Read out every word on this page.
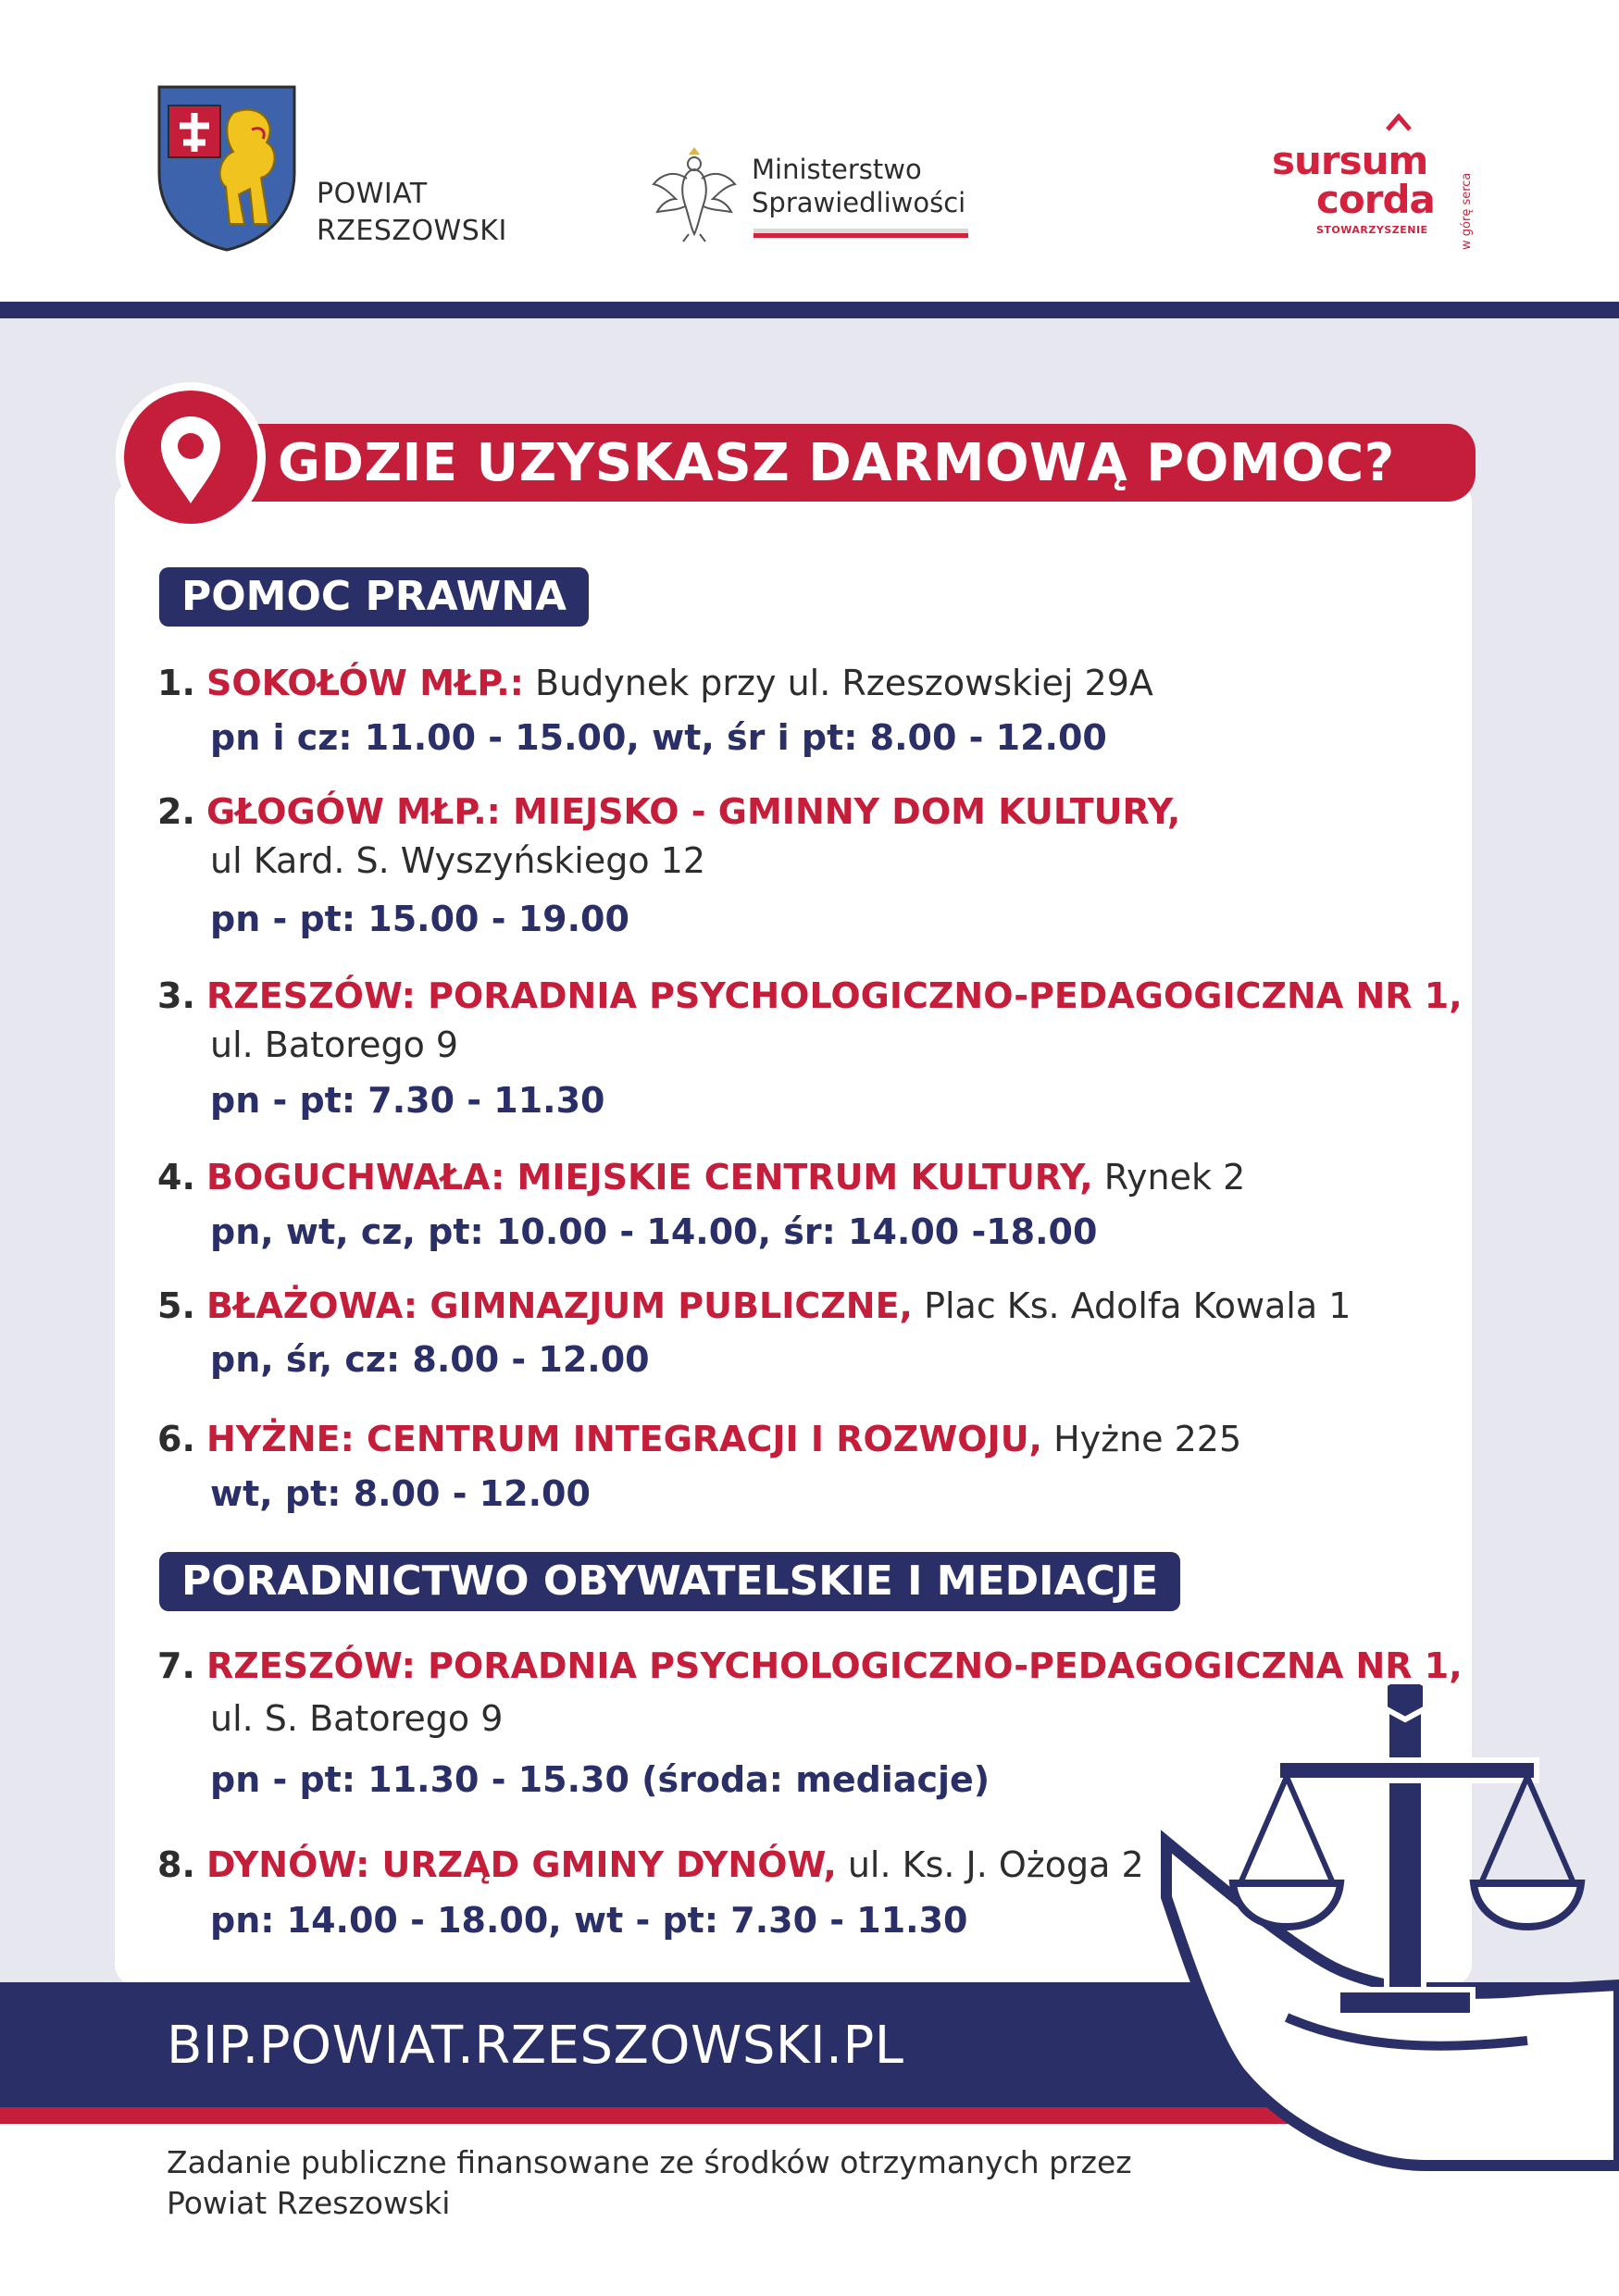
POWIAT
RZESZOWSKI
Ministerstwo
Sprawiedliwości
sursum
corda
STOWARZYSZENIE	w górę serca
GDZIE UZYSKASZ DARMOWĄ POMOC?
POMOC PRAWNA
1. SOKOŁÓW MŁP.: Budynek przy ul. Rzeszowskiej 29A
pn i cz: 11.00 - 15.00, wt, śr i pt: 8.00 - 12.00
2. GŁOGÓW MŁP.: MIEJSKO - GMINNY DOM KULTURY,
ul Kard. S. Wyszyńskiego 12
pn - pt: 15.00 - 19.00
3. RZESZÓW: PORADNIA PSYCHOLOGICZNO-PEDAGOGICZNA NR 1,
ul. Batorego 9
pn - pt: 7.30 - 11.30
4. BOGUCHWAŁA: MIEJSKIE CENTRUM KULTURY, Rynek 2
pn, wt, cz, pt: 10.00 - 14.00, śr: 14.00 -18.00
5. BŁAŻOWA: GIMNAZJUM PUBLICZNE, Plac Ks. Adolfa Kowala 1
pn, śr, cz: 8.00 - 12.00
6. HYŻNE: CENTRUM INTEGRACJI I ROZWOJU, Hyżne 225
wt, pt: 8.00 - 12.00
PORADNICTWO OBYWATELSKIE I MEDIACJE
7. RZESZÓW: PORADNIA PSYCHOLOGICZNO-PEDAGOGICZNA NR 1,
ul. S. Batorego 9
pn - pt: 11.30 - 15.30 (środa: mediacje)
8. DYNÓW: URZĄD GMINY DYNÓW, ul. Ks. J. Ożoga 2
pn: 14.00 - 18.00, wt - pt: 7.30 - 11.30
BIP.POWIAT.RZESZOWSKI.PL
Zadanie publiczne finansowane ze środków otrzymanych przez
Powiat Rzeszowski
